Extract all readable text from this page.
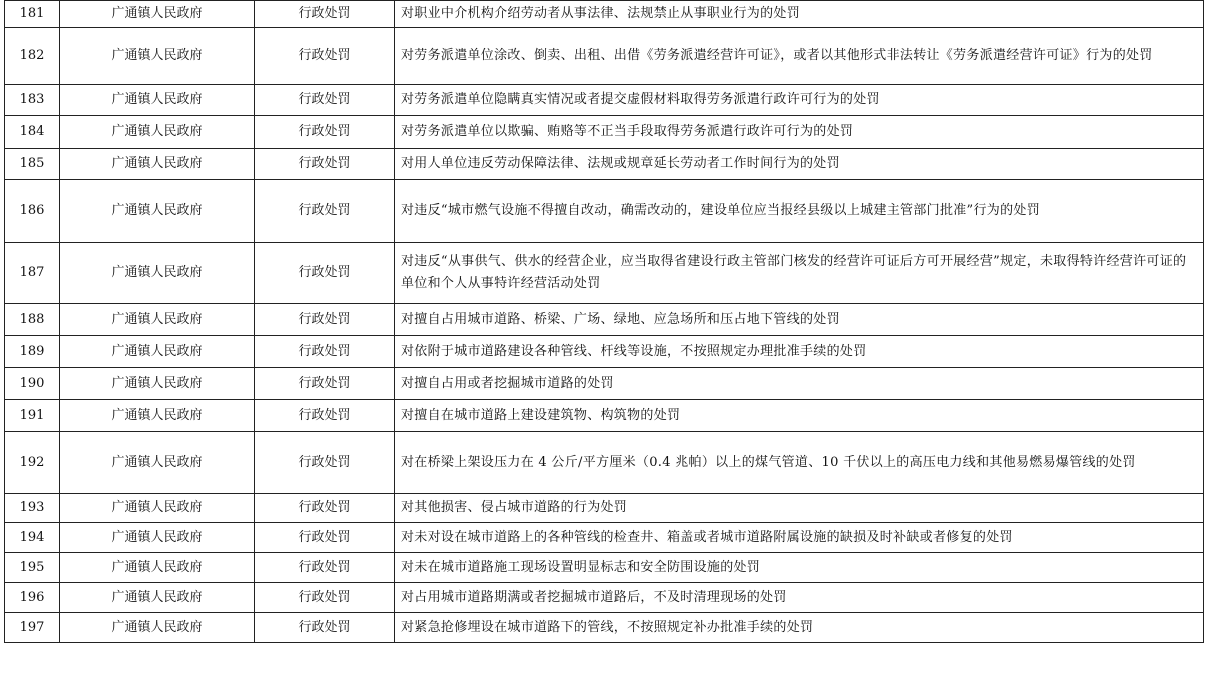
181	广通镇人民政府	行政处罚	对职业中介机构介绍劳动者从事法律、法规禁止从事职业行为的处罚
182	广通镇人民政府	行政处罚	对劳务派遣单位涂改、倒卖、出租、出借《劳务派遣经营许可证》，或者以其他形式非法转让《劳务派遣经营许可证》行为的处罚
183	广通镇人民政府	行政处罚	对劳务派遣单位隐瞒真实情况或者提交虚假材料取得劳务派遣行政许可行为的处罚
184	广通镇人民政府	行政处罚	对劳务派遣单位以欺骗、贿赂等不正当手段取得劳务派遣行政许可行为的处罚
185	广通镇人民政府	行政处罚	对用人单位违反劳动保障法律、法规或规章延长劳动者工作时间行为的处罚
186	广通镇人民政府	行政处罚	对违反“城市燃气设施不得擅自改动，确需改动的，建设单位应当报经县级以上城建主管部门批准”行为的处罚
187	广通镇人民政府	行政处罚	对违反“从事供气、供水的经营企业，应当取得省建设行政主管部门核发的经营许可证后方可开展经营”规定，未取得特许经营许可证的单位和个人从事特许经营活动处罚
188	广通镇人民政府	行政处罚	对擅自占用城市道路、桥梁、广场、绿地、应急场所和压占地下管线的处罚
189	广通镇人民政府	行政处罚	对依附于城市道路建设各种管线、杆线等设施，不按照规定办理批准手续的处罚
190	广通镇人民政府	行政处罚	对擅自占用或者挖掘城市道路的处罚
191	广通镇人民政府	行政处罚	对擅自在城市道路上建设建筑物、构筑物的处罚
192	广通镇人民政府	行政处罚	对在桥梁上架设压力在 4 公斤/平方厘米（0.4 兆帕）以上的煤气管道、10 千伏以上的高压电力线和其他易燃易爆管线的处罚
193	广通镇人民政府	行政处罚	对其他损害、侵占城市道路的行为处罚
194	广通镇人民政府	行政处罚	对未对设在城市道路上的各种管线的检查井、箱盖或者城市道路附属设施的缺损及时补缺或者修复的处罚
195	广通镇人民政府	行政处罚	对未在城市道路施工现场设置明显标志和安全防围设施的处罚
196	广通镇人民政府	行政处罚	对占用城市道路期满或者挖掘城市道路后，不及时清理现场的处罚
197	广通镇人民政府	行政处罚	对紧急抢修埋设在城市道路下的管线，不按照规定补办批准手续的处罚
